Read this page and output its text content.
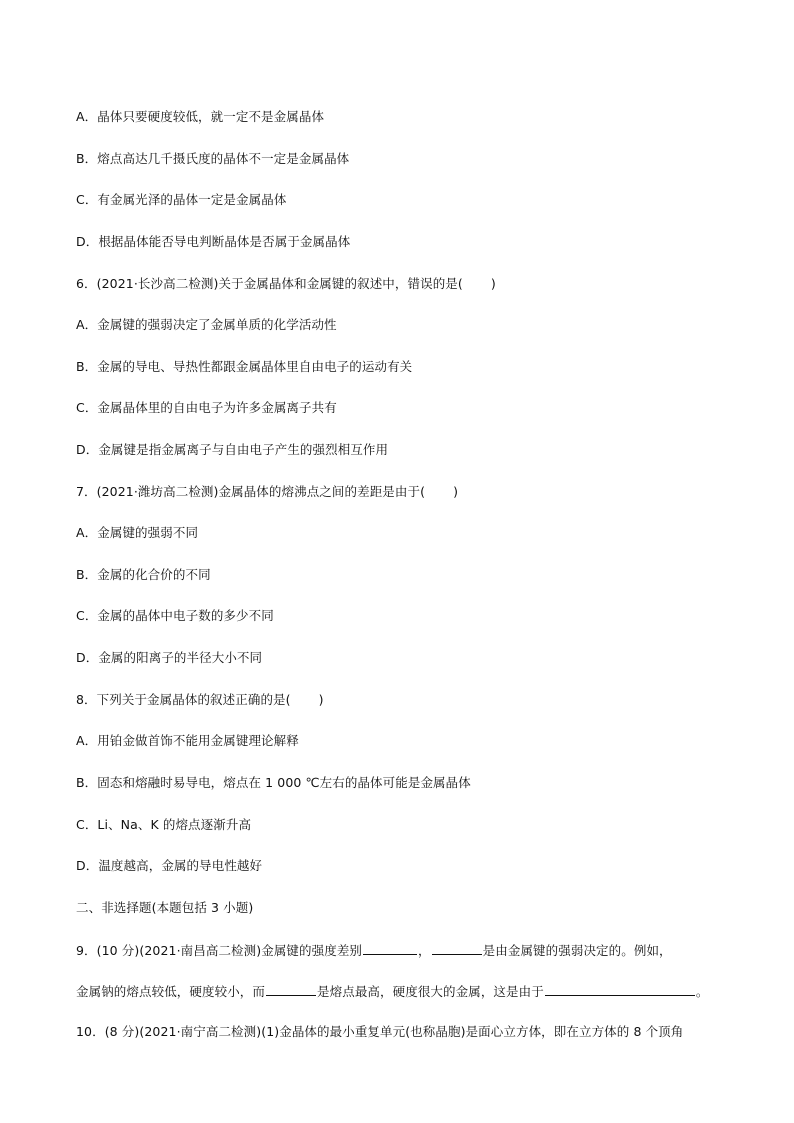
A．晶体只要硬度较低，就一定不是金属晶体
B．熔点高达几千摄氏度的晶体不一定是金属晶体
C．有金属光泽的晶体一定是金属晶体
D．根据晶体能否导电判断晶体是否属于金属晶体
6．(2021·长沙高二检测)关于金属晶体和金属键的叙述中，错误的是( )
A．金属键的强弱决定了金属单质的化学活动性
B．金属的导电、导热性都跟金属晶体里自由电子的运动有关
C．金属晶体里的自由电子为许多金属离子共有
D．金属键是指金属离子与自由电子产生的强烈相互作用
7．(2021·潍坊高二检测)金属晶体的熔沸点之间的差距是由于( )
A．金属键的强弱不同
B．金属的化合价的不同
C．金属的晶体中电子数的多少不同
D．金属的阳离子的半径大小不同
8．下列关于金属晶体的叙述正确的是( )
A．用铂金做首饰不能用金属键理论解释
B．固态和熔融时易导电，熔点在 1 000 ℃左右的晶体可能是金属晶体
C．Li、Na、K 的熔点逐渐升高
D．温度越高，金属的导电性越好
二、非选择题(本题包括 3 小题)
9．(10 分)(2021·南昌高二检测)金属键的强度差别	，	是由金属键的强弱决定的。例如，
金属钠的熔点较低，硬度较小，而	是熔点最高，硬度很大的金属，这是由于	。
10．(8 分)(2021·南宁高二检测)(1)金晶体的最小重复单元(也称晶胞)是面心立方体，即在立方体的 8 个顶角
